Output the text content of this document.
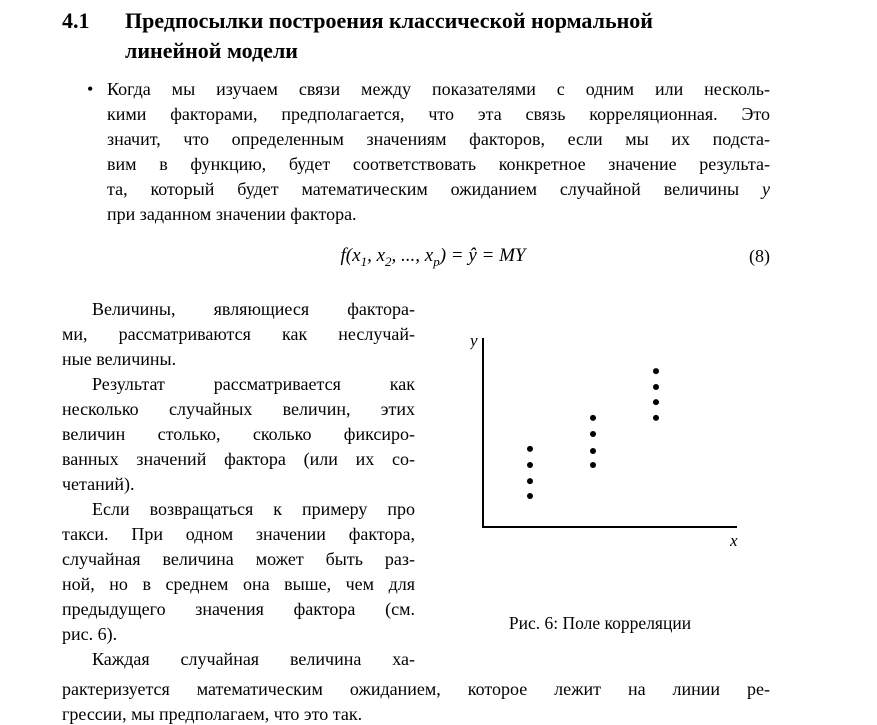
4.1	Предпосылки построения классической нормальной
линейной модели
• Когда мы изучаем связи между показателями с одним или несколь-
кими факторами, предполагается, что эта связь корреляционная. Это
значит, что определенным значениям факторов, если мы их подста-
вим в функцию, будет соответствовать конкретное значение результа-
та, который будет математическим ожиданием случайной величины y
при заданном значении фактора.
$f(x_1$, $x_2$, ..., $x_p$) = ŷ = MY	(8)
Величины, являющиеся фактора-
ми, рассматриваются как неслучай-
ные величины.
Результат рассматривается как
несколько случайных величин, этих
величин столько, сколько фиксиро-
ванных значений фактора (или их со-
четаний).
Если возвращаться к примеру про
такси. При одном значении фактора,
случайная величина может быть раз-
ной, но в среднем она выше, чем для
предыдущего значения фактора (см.
рис. 6).
Каждая случайная величина ха-
y
x
Рис. 6: Поле корреляции
рактеризуется математическим ожиданием, которое лежит на линии ре-
грессии, мы предполагаем, что это так.
